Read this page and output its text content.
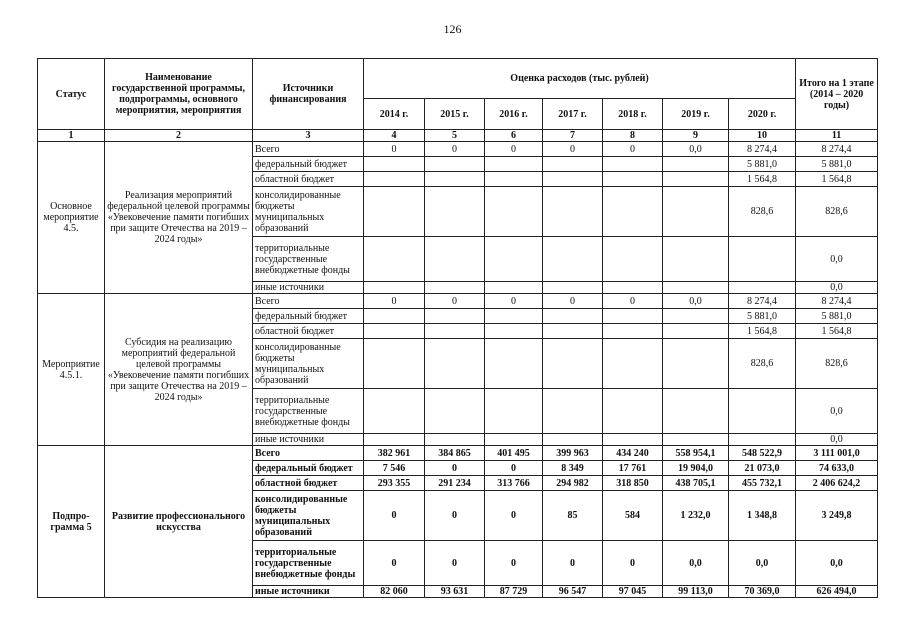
126
Статус	Наименование государственной программы, подпрограммы, основного мероприятия, мероприятия	Источники финансирования	Оценка расходов (тыс. рублей)							Итого на 1 этапе (2014 – 2020 годы)
			2014 г.	2015 г.	2016 г.	2017 г.	2018 г.	2019 г.	2020 г.	
1	2	3	4	5	6	7	8	9	10	11
Основное мероприятие 4.5.	Реализация мероприятий федеральной целевой программы «Увековечение памяти погибших при защите Отечества на 2019 – 2024 годы»	Всего	0	0	0	0	0	0,0	8 274,4	8 274,4
		федеральный бюджет							5 881,0	5 881,0
		областной бюджет							1 564,8	1 564,8
		консолидированные бюджеты муниципальных образований							828,6	828,6
		территориальные государственные внебюджетные фонды								0,0
		иные источники								0,0
Мероприятие 4.5.1.	Субсидия на реализацию мероприятий федеральной целевой программы «Увековечение памяти погибших при защите Отечества на 2019 – 2024 годы»	Всего	0	0	0	0	0	0,0	8 274,4	8 274,4
		федеральный бюджет							5 881,0	5 881,0
		областной бюджет							1 564,8	1 564,8
		консолидированные бюджеты муниципальных образований							828,6	828,6
		территориальные государственные внебюджетные фонды								0,0
		иные источники								0,0
Подпро- грамма 5	Развитие профессионального искусства	Всего	382 961	384 865	401 495	399 963	434 240	558 954,1	548 522,9	3 111 001,0
		федеральный бюджет	7 546	0	0	8 349	17 761	19 904,0	21 073,0	74 633,0
		областной бюджет	293 355	291 234	313 766	294 982	318 850	438 705,1	455 732,1	2 406 624,2
		консолидированные бюджеты муниципальных образований	0	0	0	85	584	1 232,0	1 348,8	3 249,8
		территориальные государственные внебюджетные фонды	0	0	0	0	0	0,0	0,0	0,0
		иные источники	82 060	93 631	87 729	96 547	97 045	99 113,0	70 369,0	626 494,0
